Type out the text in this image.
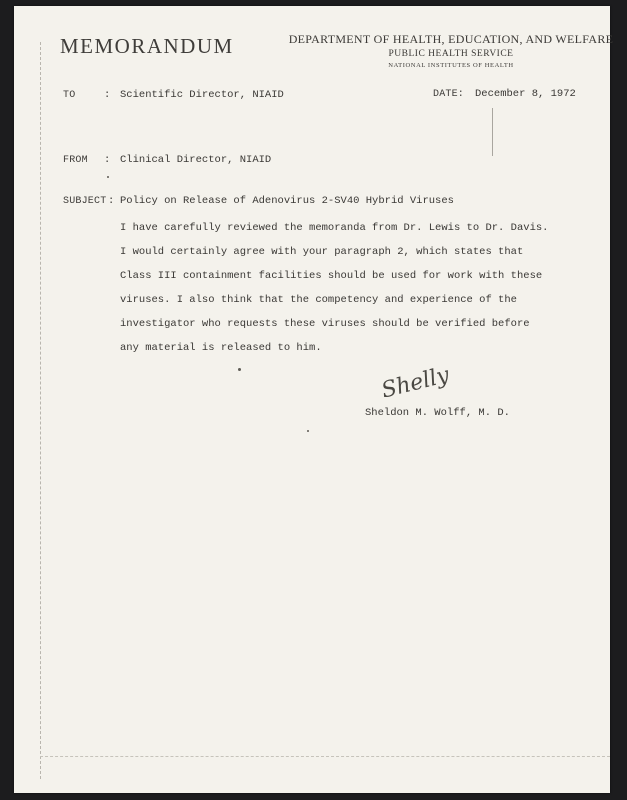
MEMORANDUM	DEPARTMENT OF HEALTH, EDUCATION, AND WELFARE
PUBLIC HEALTH SERVICE
NATIONAL INSTITUTES OF HEALTH
TO	: Scientific Director, NIAID	DATE: December 8, 1972
FROM : Clinical Director, NIAID
SUBJECT : Policy on Release of Adenovirus 2-SV40 Hybrid Viruses
I have carefully reviewed the memoranda from Dr. Lewis to Dr. Davis.
I would certainly agree with your paragraph 2, which states that
Class III containment facilities should be used for work with these
viruses. I also think that the competency and experience of the
investigator who requests these viruses should be verified before
any material is released to him.
Shelly
Sheldon M. Wolff, M. D.
